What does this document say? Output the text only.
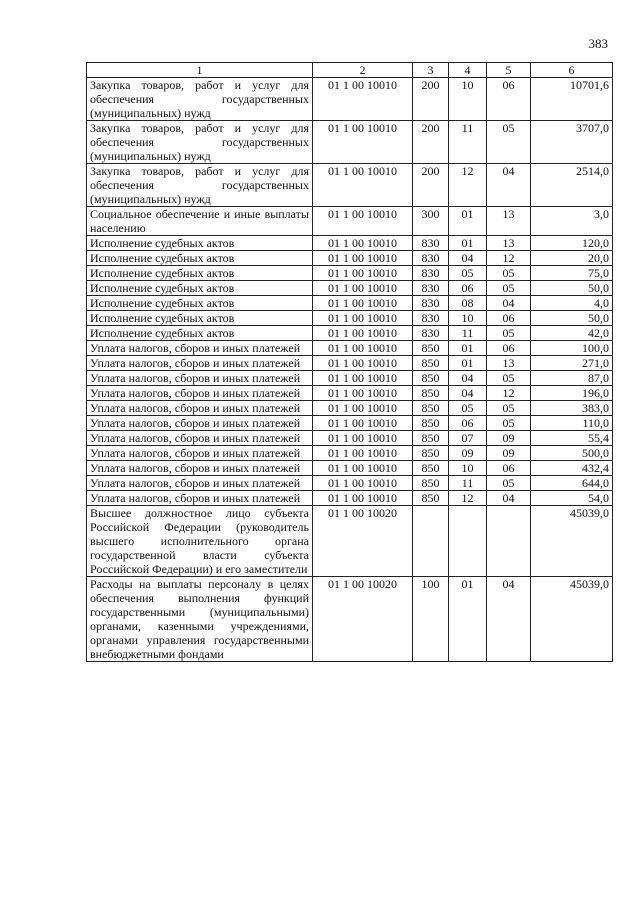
383
1	2	3	4	5	6
Закупка товаров, работ и услуг для обеспечения государственных (муниципальных) нужд	01 1 00 10010	200	10	06	10701,6
Закупка товаров, работ и услуг для обеспечения государственных (муниципальных) нужд	01 1 00 10010	200	11	05	3707,0
Закупка товаров, работ и услуг для обеспечения государственных (муниципальных) нужд	01 1 00 10010	200	12	04	2514,0
Социальное обеспечение и иные выплаты населению	01 1 00 10010	300	01	13	3,0
Исполнение судебных актов	01 1 00 10010	830	01	13	120,0
Исполнение судебных актов	01 1 00 10010	830	04	12	20,0
Исполнение судебных актов	01 1 00 10010	830	05	05	75,0
Исполнение судебных актов	01 1 00 10010	830	06	05	50,0
Исполнение судебных актов	01 1 00 10010	830	08	04	4,0
Исполнение судебных актов	01 1 00 10010	830	10	06	50,0
Исполнение судебных актов	01 1 00 10010	830	11	05	42,0
Уплата налогов, сборов и иных платежей	01 1 00 10010	850	01	06	100,0
Уплата налогов, сборов и иных платежей	01 1 00 10010	850	01	13	271,0
Уплата налогов, сборов и иных платежей	01 1 00 10010	850	04	05	87,0
Уплата налогов, сборов и иных платежей	01 1 00 10010	850	04	12	196,0
Уплата налогов, сборов и иных платежей	01 1 00 10010	850	05	05	383,0
Уплата налогов, сборов и иных платежей	01 1 00 10010	850	06	05	110,0
Уплата налогов, сборов и иных платежей	01 1 00 10010	850	07	09	55,4
Уплата налогов, сборов и иных платежей	01 1 00 10010	850	09	09	500,0
Уплата налогов, сборов и иных платежей	01 1 00 10010	850	10	06	432,4
Уплата налогов, сборов и иных платежей	01 1 00 10010	850	11	05	644,0
Уплата налогов, сборов и иных платежей	01 1 00 10010	850	12	04	54,0
Высшее должностное лицо субъекта Российской Федерации (руководитель высшего исполнительного органа государственной власти субъекта Российской Федерации) и его заместители	01 1 00 10020				45039,0
Расходы на выплаты персоналу в целях обеспечения выполнения функций государственными (муниципальными) органами, казенными учреждениями, органами управления государственными внебюджетными фондами	01 1 00 10020	100	01	04	45039,0
